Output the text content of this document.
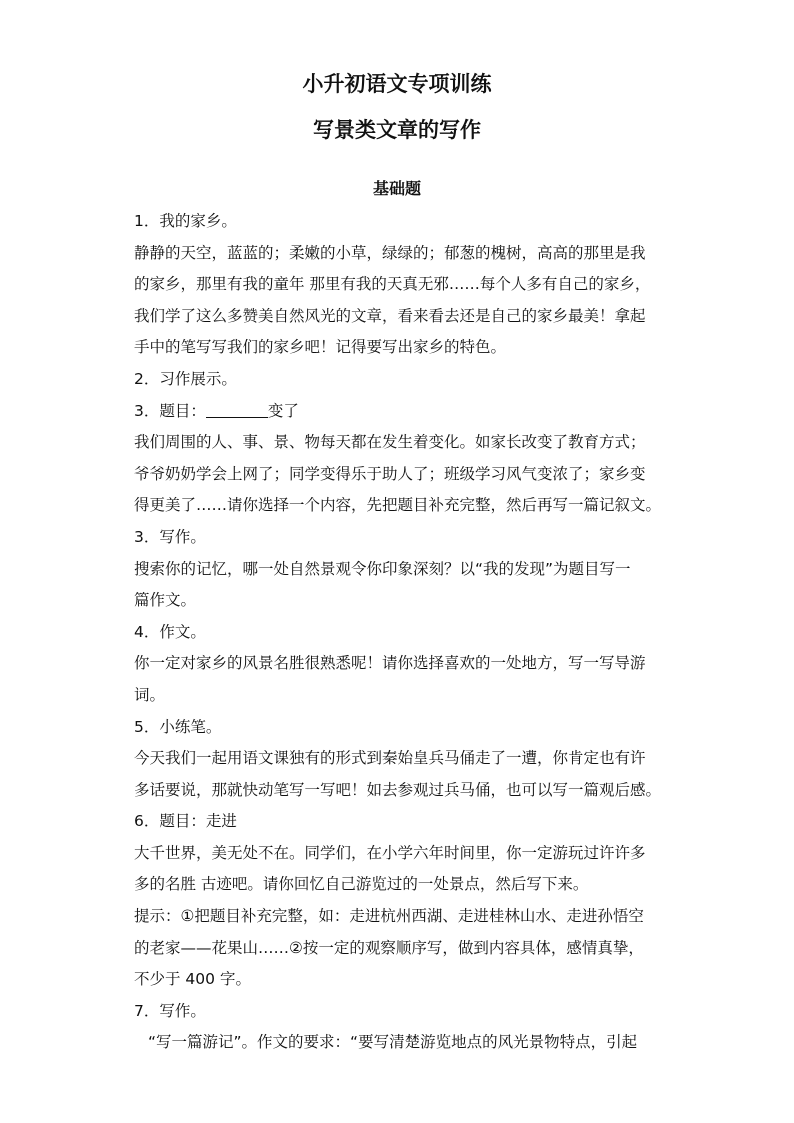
小升初语文专项训练
写景类文章的写作
基础题
1．我的家乡。
静静的天空，蓝蓝的；柔嫩的小草，绿绿的；郁葱的槐树，高高的那里是我
的家乡，那里有我的童年 那里有我的天真无邪……每个人多有自己的家乡，
我们学了这么多赞美自然风光的文章，看来看去还是自己的家乡最美！拿起
手中的笔写写我们的家乡吧！记得要写出家乡的特色。
2．习作展示。
3．题目：	变了
我们周围的人、事、景、物每天都在发生着变化。如家长改变了教育方式；
爷爷奶奶学会上网了；同学变得乐于助人了；班级学习风气变浓了；家乡变
得更美了……请你选择一个内容，先把题目补充完整，然后再写一篇记叙文。
3．写作。
搜索你的记忆，哪一处自然景观令你印象深刻？以“我的发现”为题目写一
篇作文。
4．作文。
你一定对家乡的风景名胜很熟悉呢！请你选择喜欢的一处地方，写一写导游
词。
5．小练笔。
今天我们一起用语文课独有的形式到秦始皇兵马俑走了一遭，你肯定也有许
多话要说，那就快动笔写一写吧！如去参观过兵马俑，也可以写一篇观后感。
6．题目：走进
大千世界，美无处不在。同学们，在小学六年时间里，你一定游玩过许许多
多的名胜 古迹吧。请你回忆自己游览过的一处景点，然后写下来。
提示：①把题目补充完整，如：走进杭州西湖、走进桂林山水、走进孙悟空
的老家——花果山……②按一定的观察顺序写，做到内容具体，感情真挚，
不少于 400 字。
7．写作。
“写一篇游记”。作文的要求：“要写清楚游览地点的风光景物特点，引起
